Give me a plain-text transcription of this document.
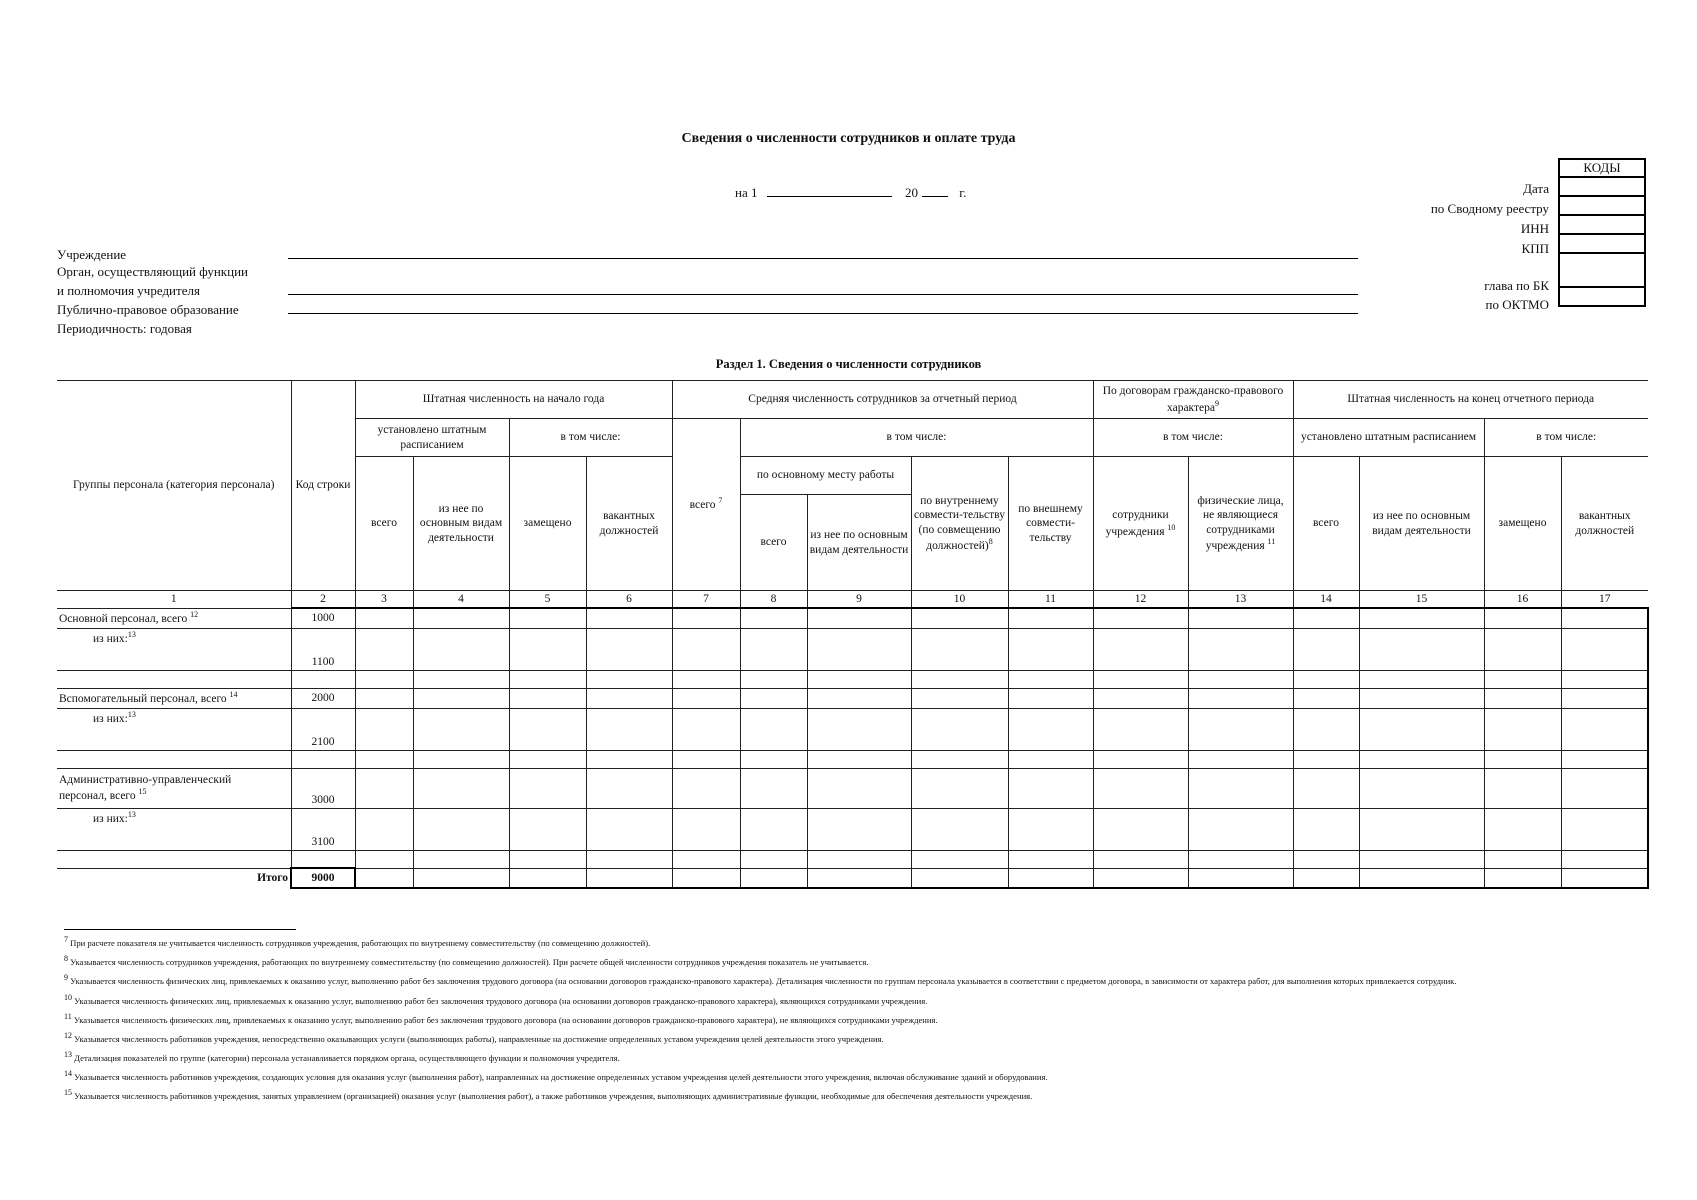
Сведения о численности сотрудников и оплате труда
на 1	20	г.
КОДЫ

Дата
по Сводному реестру
ИНН
КПП
глава по БК
по ОКТМО
Учреждение
Орган, осуществляющий функции
и полномочия учредителя
Публично-правовое образование
Периодичность: годовая
Раздел 1. Сведения о численности сотрудников
Группы персонала (категория персонала)	Код строки	Штатная численность на начало года				Средняя численность сотрудников за отчетный период					По договорам гражданско-правового характера$^9$		Штатная численность на конец отчетного периода			
		установлено штатным расписанием		в том числе:		всего $^7$	в том числе:				в том числе:		установлено штатным расписанием		в том числе:	
		всего	из нее по основным видам деятельности	замещено	вакантных должностей		по основному месту работы		по внутреннему совмести-тельству (по совмещению должностей)$^8$	по внешнему совмести-тельству	сотрудники учреждения $^{10}$	физические лица, не являющиеся сотрудниками учреждения $^{11}$	всего	из нее по основным видам деятельности	замещено	вакантных должностей
							всего	из нее по основным видам деятельности								
1	2	3	4	5	6	7	8	9	10	11	12	13	14	15	16	17
Основной персонал, всего $^{12}$	1000															
из них:$^{13}$	1100															

Вспомогательный персонал, всего $^{14}$	2000															
из них:$^{13}$	2100															

Административно-управленческий
персонал, всего $^{15}$	3000															
из них:$^{13}$	3100															

Итого	9000															
$^7$ При расчете показателя не учитывается численность сотрудников учреждения, работающих по внутреннему совместительству (по совмещению должностей).
$^8$ Указывается численность сотрудников учреждения, работающих по внутреннему совместительству (по совмещению должностей). При расчете общей численности сотрудников учреждения показатель не учитывается.
$^9$ Указывается численность физических лиц, привлекаемых к оказанию услуг, выполнению работ без заключения трудового договора (на основании договоров гражданско-правового характера). Детализация численности по группам персонала указывается в соответствии с предметом договора, в зависимости от характера работ, для выполнения которых привлекается сотрудник.
$^{10}$ Указывается численность физических лиц, привлекаемых к оказанию услуг, выполнению работ без заключения трудового договора (на основании договоров гражданско-правового характера), являющихся сотрудниками учреждения.
$^{11}$ Указывается численность физических лиц, привлекаемых к оказанию услуг, выполнению работ без заключения трудового договора (на основании договоров гражданско-правового характера), не являющихся сотрудниками учреждения.
$^{12}$ Указывается численность работников учреждения, непосредственно оказывающих услуги (выполняющих работы), направленные на достижение определенных уставом учреждения целей деятельности этого учреждения.
$^{13}$ Детализация показателей по группе (категории) персонала устанавливается порядком органа, осуществляющего функции и полномочия учредителя.
$^{14}$ Указывается численность работников учреждения, создающих условия для оказания услуг (выполнения работ), направленных на достижение определенных уставом учреждения целей деятельности этого учреждения, включая обслуживание зданий и оборудования.
$^{15}$ Указывается численность работников учреждения, занятых управлением (организацией) оказания услуг (выполнения работ), а также работников учреждения, выполняющих административные функции, необходимые для обеспечения деятельности учреждения.
